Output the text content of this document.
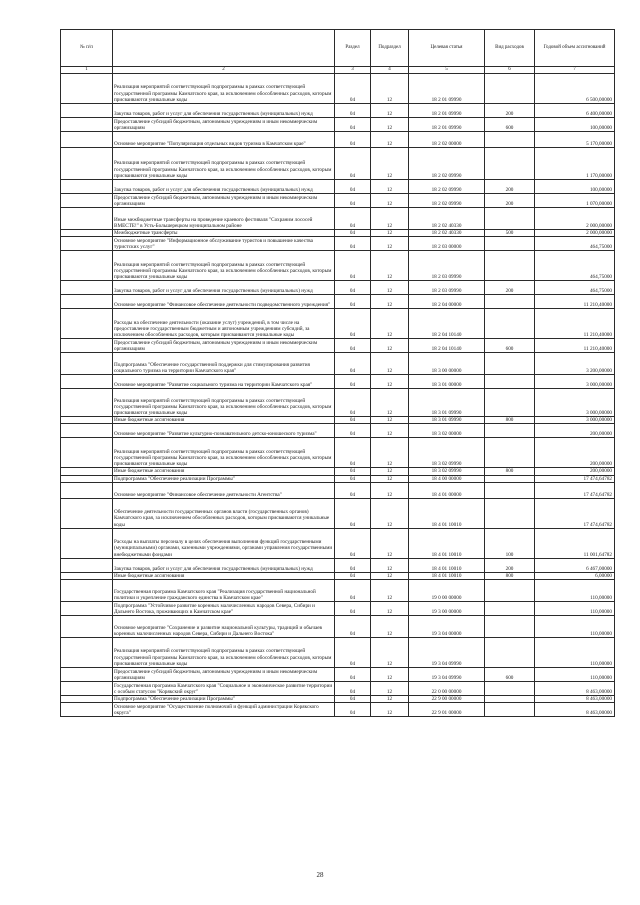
№ п/п		Раздел	Подраздел	Целевая статья	Вид расходов	Годовой объем ассигнований
1	2	3	4	5	6	7
	Реализация мероприятий соответствующей подпрограммы в рамках соответствующей государственной программы Камчатского края, за исключением обособленных расходов, которым присваиваются уникальные коды	04	12	18 2 01 09990		6 500,00000
	Закупка товаров, работ и услуг для обеспечения государственных (муниципальных) нужд	04	12	18 2 01 09990	200	6 400,00000
	Предоставление субсидий бюджетным, автономным учреждениям и иным некоммерческим организациям	04	12	18 2 01 09990	600	100,00000
	Основное мероприятие "Популяризация отдельных видов туризма в Камчатском крае"	04	12	18 2 02 00000		5 170,00000
	Реализация мероприятий соответствующей подпрограммы в рамках соответствующей государственной программы Камчатского края, за исключением обособленных расходов, которым присваиваются уникальные коды	04	12	18 2 02 09990		1 170,00000
	Закупка товаров, работ и услуг для обеспечения государственных (муниципальных) нужд	04	12	18 2 02 09990	200	100,00000
	Предоставление субсидий бюджетным, автономным учреждениям и иным некоммерческим организациям	04	12	18 2 02 09990	200	1 070,00000
	Иные межбюджетные трансферты на проведение краевого фестиваля "Сохраним лососей ВМЕСТЕ!" в Усть-Большерецком муниципальном районе	04	12	18 2 02 40330		2 000,00000
	Межбюджетные трансферты	04	12	18 2 02 40330	500	2 000,00000
	Основное мероприятие "Информационное обслуживание туристов и повышение качества туристских услуг"	04	12	18 2 03 00000		464,75000
	Реализация мероприятий соответствующей подпрограммы в рамках соответствующей государственной программы Камчатского края, за исключением обособленных расходов, которым присваиваются уникальные коды	04	12	18 2 03 09990		464,75000
	Закупка товаров, работ и услуг для обеспечения государственных (муниципальных) нужд	04	12	18 2 03 09990	200	464,75000
	Основное мероприятие "Финансовое обеспечение деятельности подведомственного учреждения"	04	12	18 2 04 00000		11 210,40000
	Расходы на обеспечение деятельности (оказание услуг) учреждений, в том числе на предоставление государственным бюджетным и автономным учреждениям субсидий, за исключением обособленных расходов, которым присваиваются уникальные коды	04	12	18 2 04 10140		11 210,40000
	Предоставление субсидий бюджетным, автономным учреждениям и иным некоммерческим организациям	04	12	18 2 04 10140	600	11 210,40000
	Подпрограмма "Обеспечение государственной поддержки для стимулирования развития социального туризма на территории Камчатского края"	04	12	18 3 00 00000		3 200,00000
	Основное мероприятие "Развитие социального туризма на территории Камчатского края"	04	12	18 3 01 00000		3 000,00000
	Реализация мероприятий соответствующей подпрограммы в рамках соответствующей государственной программы Камчатского края, за исключением обособленных расходов, которым присваиваются уникальные коды	04	12	18 3 01 09990		3 000,00000
	Иные бюджетные ассигнования	04	12	18 3 01 09990	800	3 000,00000
	Основное мероприятие "Развитие культурно-познавательного детско-юношеского туризма"	04	12	18 3 02 00000		200,00000
	Реализация мероприятий соответствующей подпрограммы в рамках соответствующей государственной программы Камчатского края, за исключением обособленных расходов, которым присваиваются уникальные коды	04	12	18 3 02 09990		200,00000
	Иные бюджетные ассигнования	04	12	18 3 02 09990	800	200,00000
	Подпрограмма "Обеспечение реализации Программы"	04	12	18 4 00 00000		17 474,64782
	Основное мероприятие "Финансовое обеспечение деятельности Агентства"	04	12	18 4 01 00000		17 474,64782
	Обеспечение деятельности государственных органов власти (государственных органов) Камчатского края, за исключением обособленных расходов, которым присваиваются уникальные коды	04	12	18 4 01 10010		17 474,64782
	Расходы на выплаты персоналу в целях обеспечения выполнения функций государственными (муниципальными) органами, казенными учреждениями, органами управления государственными внебюджетными фондами	04	12	18 4 01 10010	100	11 001,64782
	Закупка товаров, работ и услуг для обеспечения государственных (муниципальных) нужд	04	12	18 4 01 10010	200	6 467,00000
	Иные бюджетные ассигнования	04	12	18 4 01 10010	800	6,00000
	Государственная программа Камчатского края "Реализация государственной национальной политики и укрепление гражданского единства в Камчатском крае"	04	12	19 0 00 00000		110,00000
	Подпрограмма "Устойчивое развитие коренных малочисленных народов Севера, Сибири и Дальнего Востока, проживающих в Камчатском крае"	04	12	19 3 00 00000		110,00000
	Основное мероприятие "Сохранение и развитие национальной культуры, традиций и обычаев коренных малочисленных народов Севера, Сибири и Дальнего Востока"	04	12	19 3 04 00000		110,00000
	Реализация мероприятий соответствующей подпрограммы в рамках соответствующей государственной программы Камчатского края, за исключением обособленных расходов, которым присваиваются уникальные коды	04	12	19 3 04 09990		110,00000
	Предоставление субсидий бюджетным, автономным учреждениям и иным некоммерческим организациям	04	12	19 3 04 09990	600	110,00000
	Государственная программа Камчатского края "Социальное и экономическое развитие территории с особым статусом "Корякский округ"	04	12	22 0 00 00000		8 463,00000
	Подпрограмма "Обеспечение реализации Программы"	04	12	22 9 00 00000		8 463,00000
	Основное мероприятие "Осуществление полномочий и функций администрации Корякского округа"	04	12	22 9 01 00000		8 463,00000
28
